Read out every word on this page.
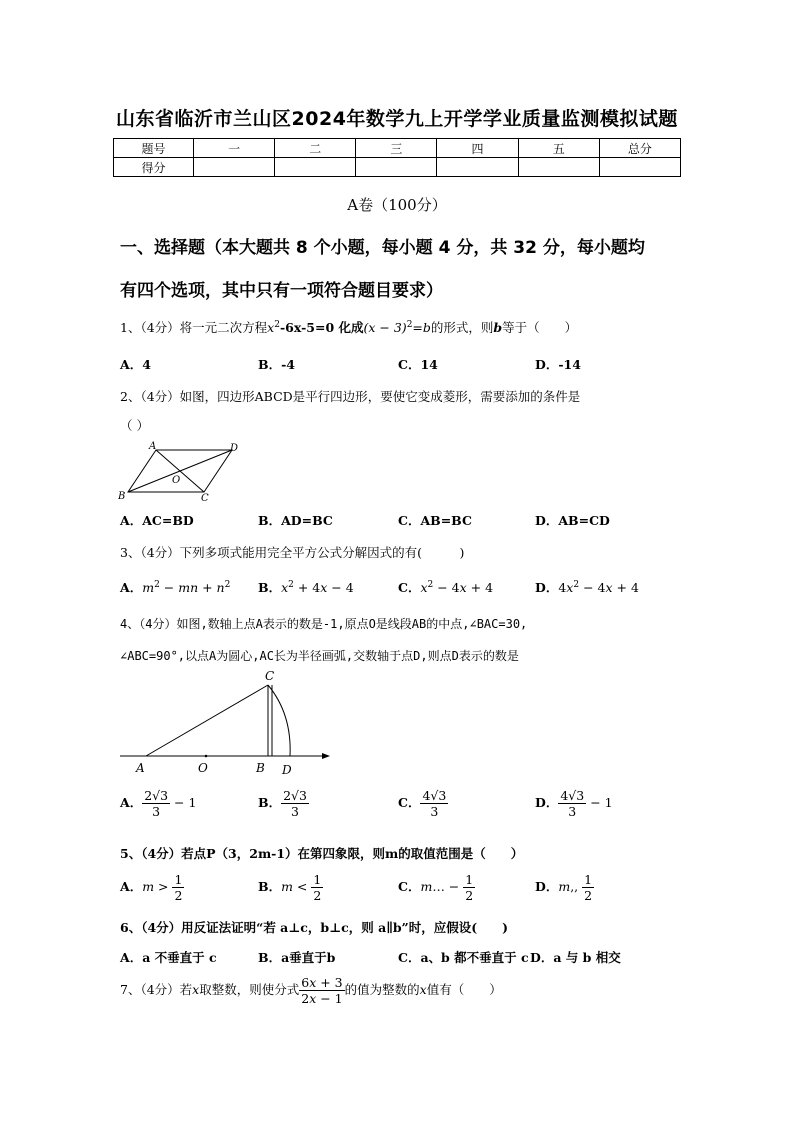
山东省临沂市兰山区2024年数学九上开学学业质量监测模拟试题
题号	一	二	三	四	五	总分
得分						
A卷（100分）
一、选择题（本大题共 8 个小题，每小题 4 分，共 32 分，每小题均
有四个选项，其中只有一项符合题目要求）
1、（4分）将一元二次方程$x^2-6x-5=0$ 化成$(x - 3)^2=b$的形式，则b等于（　　）
A．4	B．-4	C．14	D．-14
2、（4分）如图，四边形ABCD是平行四边形，要使它变成菱形，需要添加的条件是
（ ）
A	D
O
B	C
A．AC=BD	B．AD=BC	C．AB=BC	D．AB=CD
3、（4分）下列多项式能用完全平方公式分解因式的有(　　　)
A．$m^2$ − mn + $n^2$ B．$x^2 + 4x - 4$	C．$x^2 - 4x + 4$	D．$4x^2 - 4x + 4$
4、（4分）如图,数轴上点A表示的数是-1,原点O是线段AB的中点,∠BAC=30,
∠ABC=90°,以点A为圆心,AC长为半径画弧,交数轴于点D,则点D表示的数是
C
A	O	B D
A． $\frac{2√3}{3} - 1$	B． $\frac{2√3}{3}$	C． $\frac{4√3}{3}$	D． $\frac{4√3}{3} - 1$
5、（4分）若点P（3，2m-1）在第四象限，则m的取值范围是（　　）
A．$m > \frac{1}{2}$	B．$m < \frac{1}{2}$	C．m… − $\frac{1}{2}$	D．m,, $\frac{1}{2}$
6、（4分）用反证法证明“若 a⊥c，b⊥c，则 a∥b”时，应假设(　　)
A．a 不垂直于 c	B．a垂直于b	C．a、b 都不垂直于 c D．a 与 b 相交
7、（4分）若x取整数，则使分式 $\frac{6x + 3}{2x - 1}$ 的值为整数的x值有（　　）
